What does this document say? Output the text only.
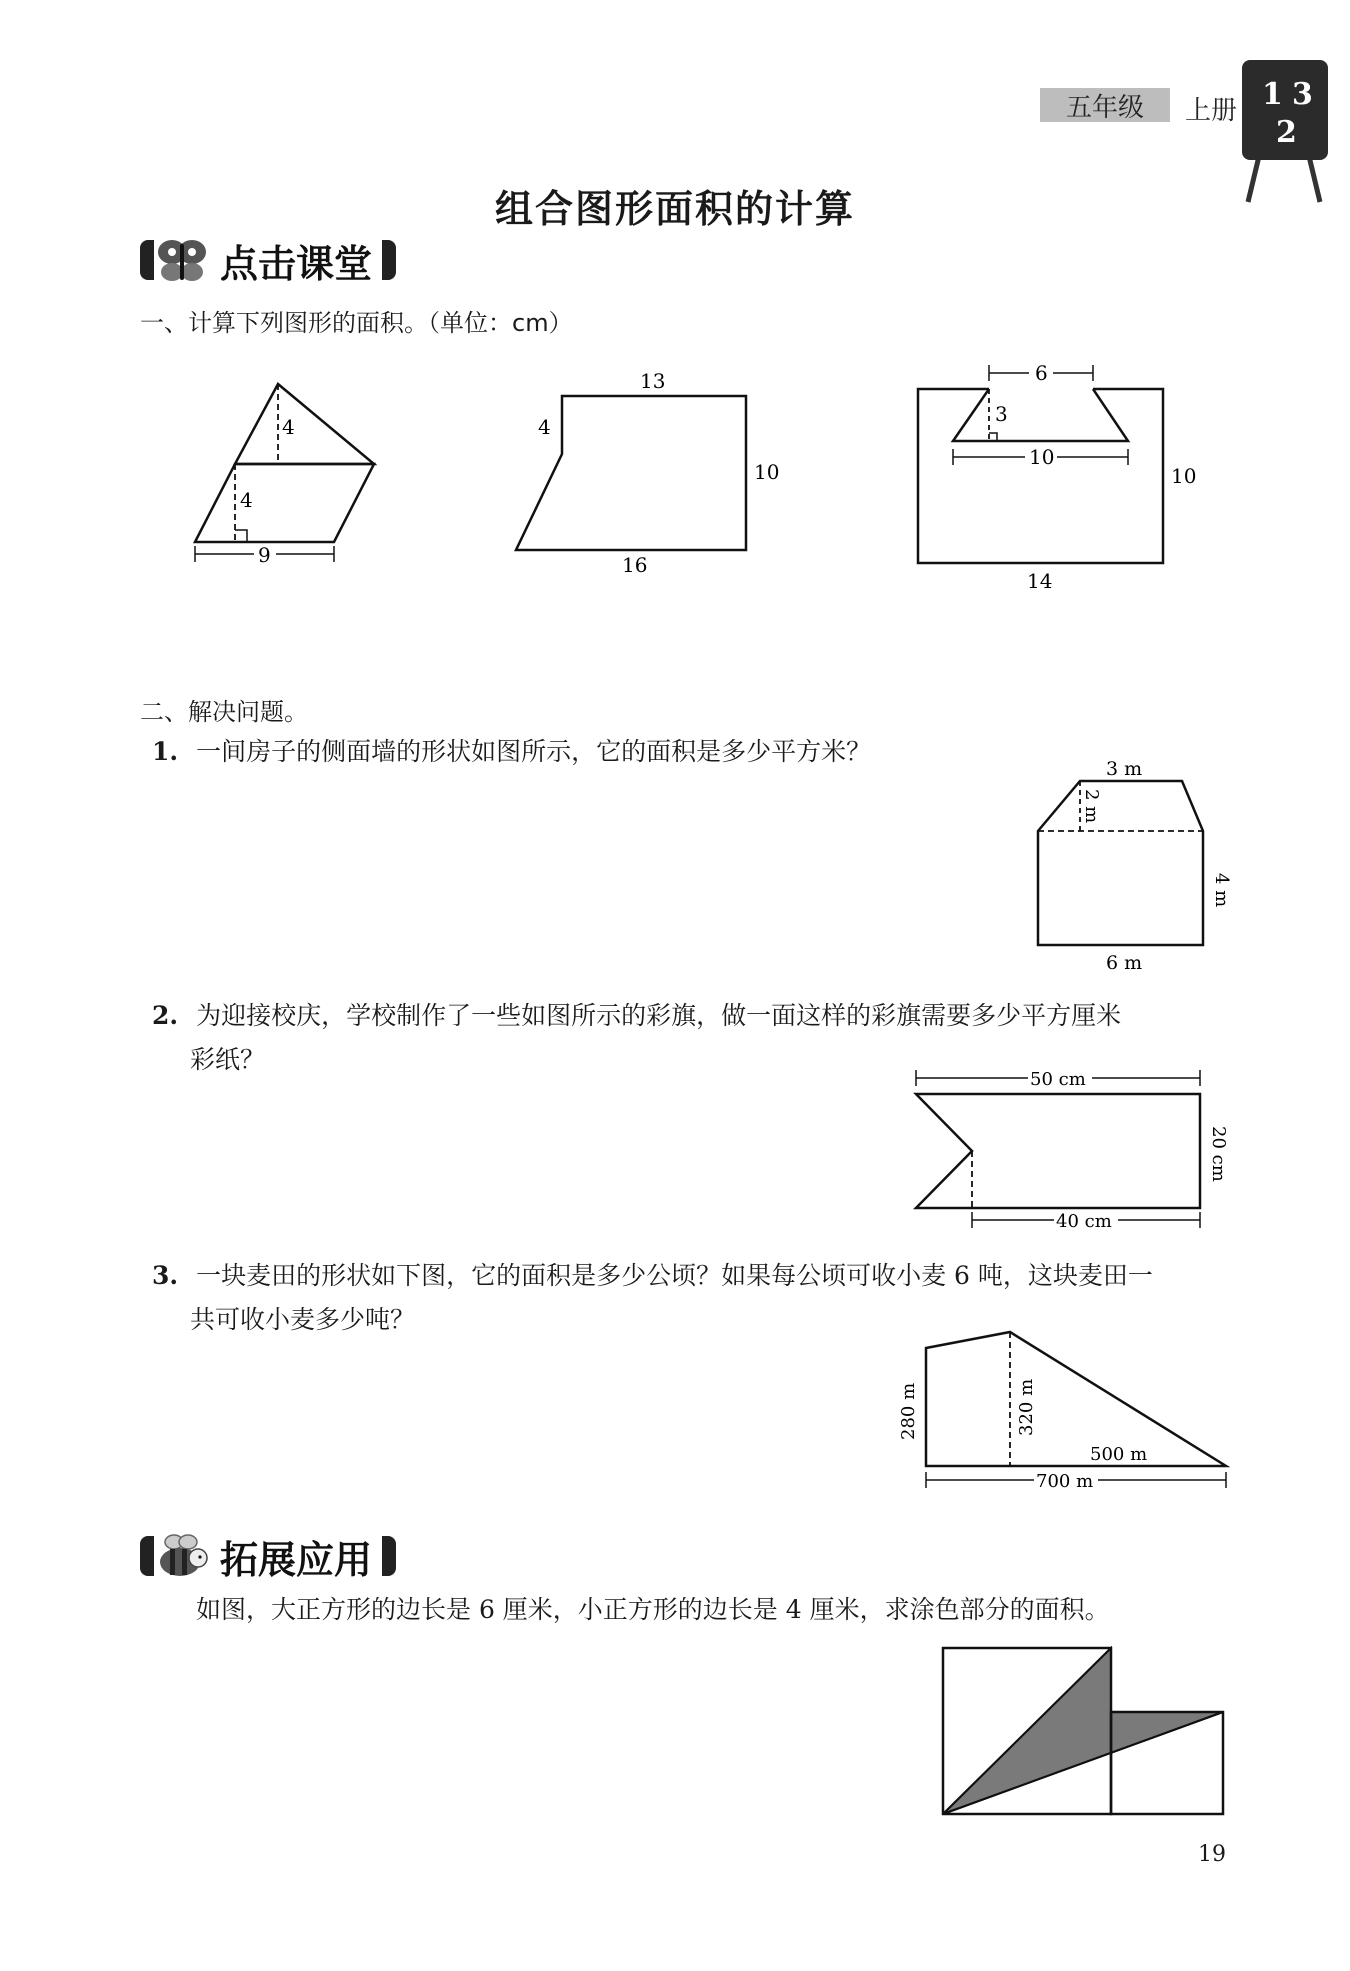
五年级 上册 1 3
2
组合图形面积的计算
点击课堂
一、计算下列图形的面积。（单位：cm）
4
4
9
13
4
10
16
6
3
10
10
14
二、解决问题。
1. 一间房子的侧面墙的形状如图所示，它的面积是多少平方米？
3 m
2 m
4 m
6 m
2. 为迎接校庆，学校制作了一些如图所示的彩旗，做一面这样的彩旗需要多少平方厘米
彩纸？
50 cm
20 cm
40 cm
3. 一块麦田的形状如下图，它的面积是多少公顷？如果每公顷可收小麦 6 吨，这块麦田一
共可收小麦多少吨？
280 m	320 m
500 m
700 m
拓展应用
如图，大正方形的边长是 6 厘米，小正方形的边长是 4 厘米，求涂色部分的面积。
19
